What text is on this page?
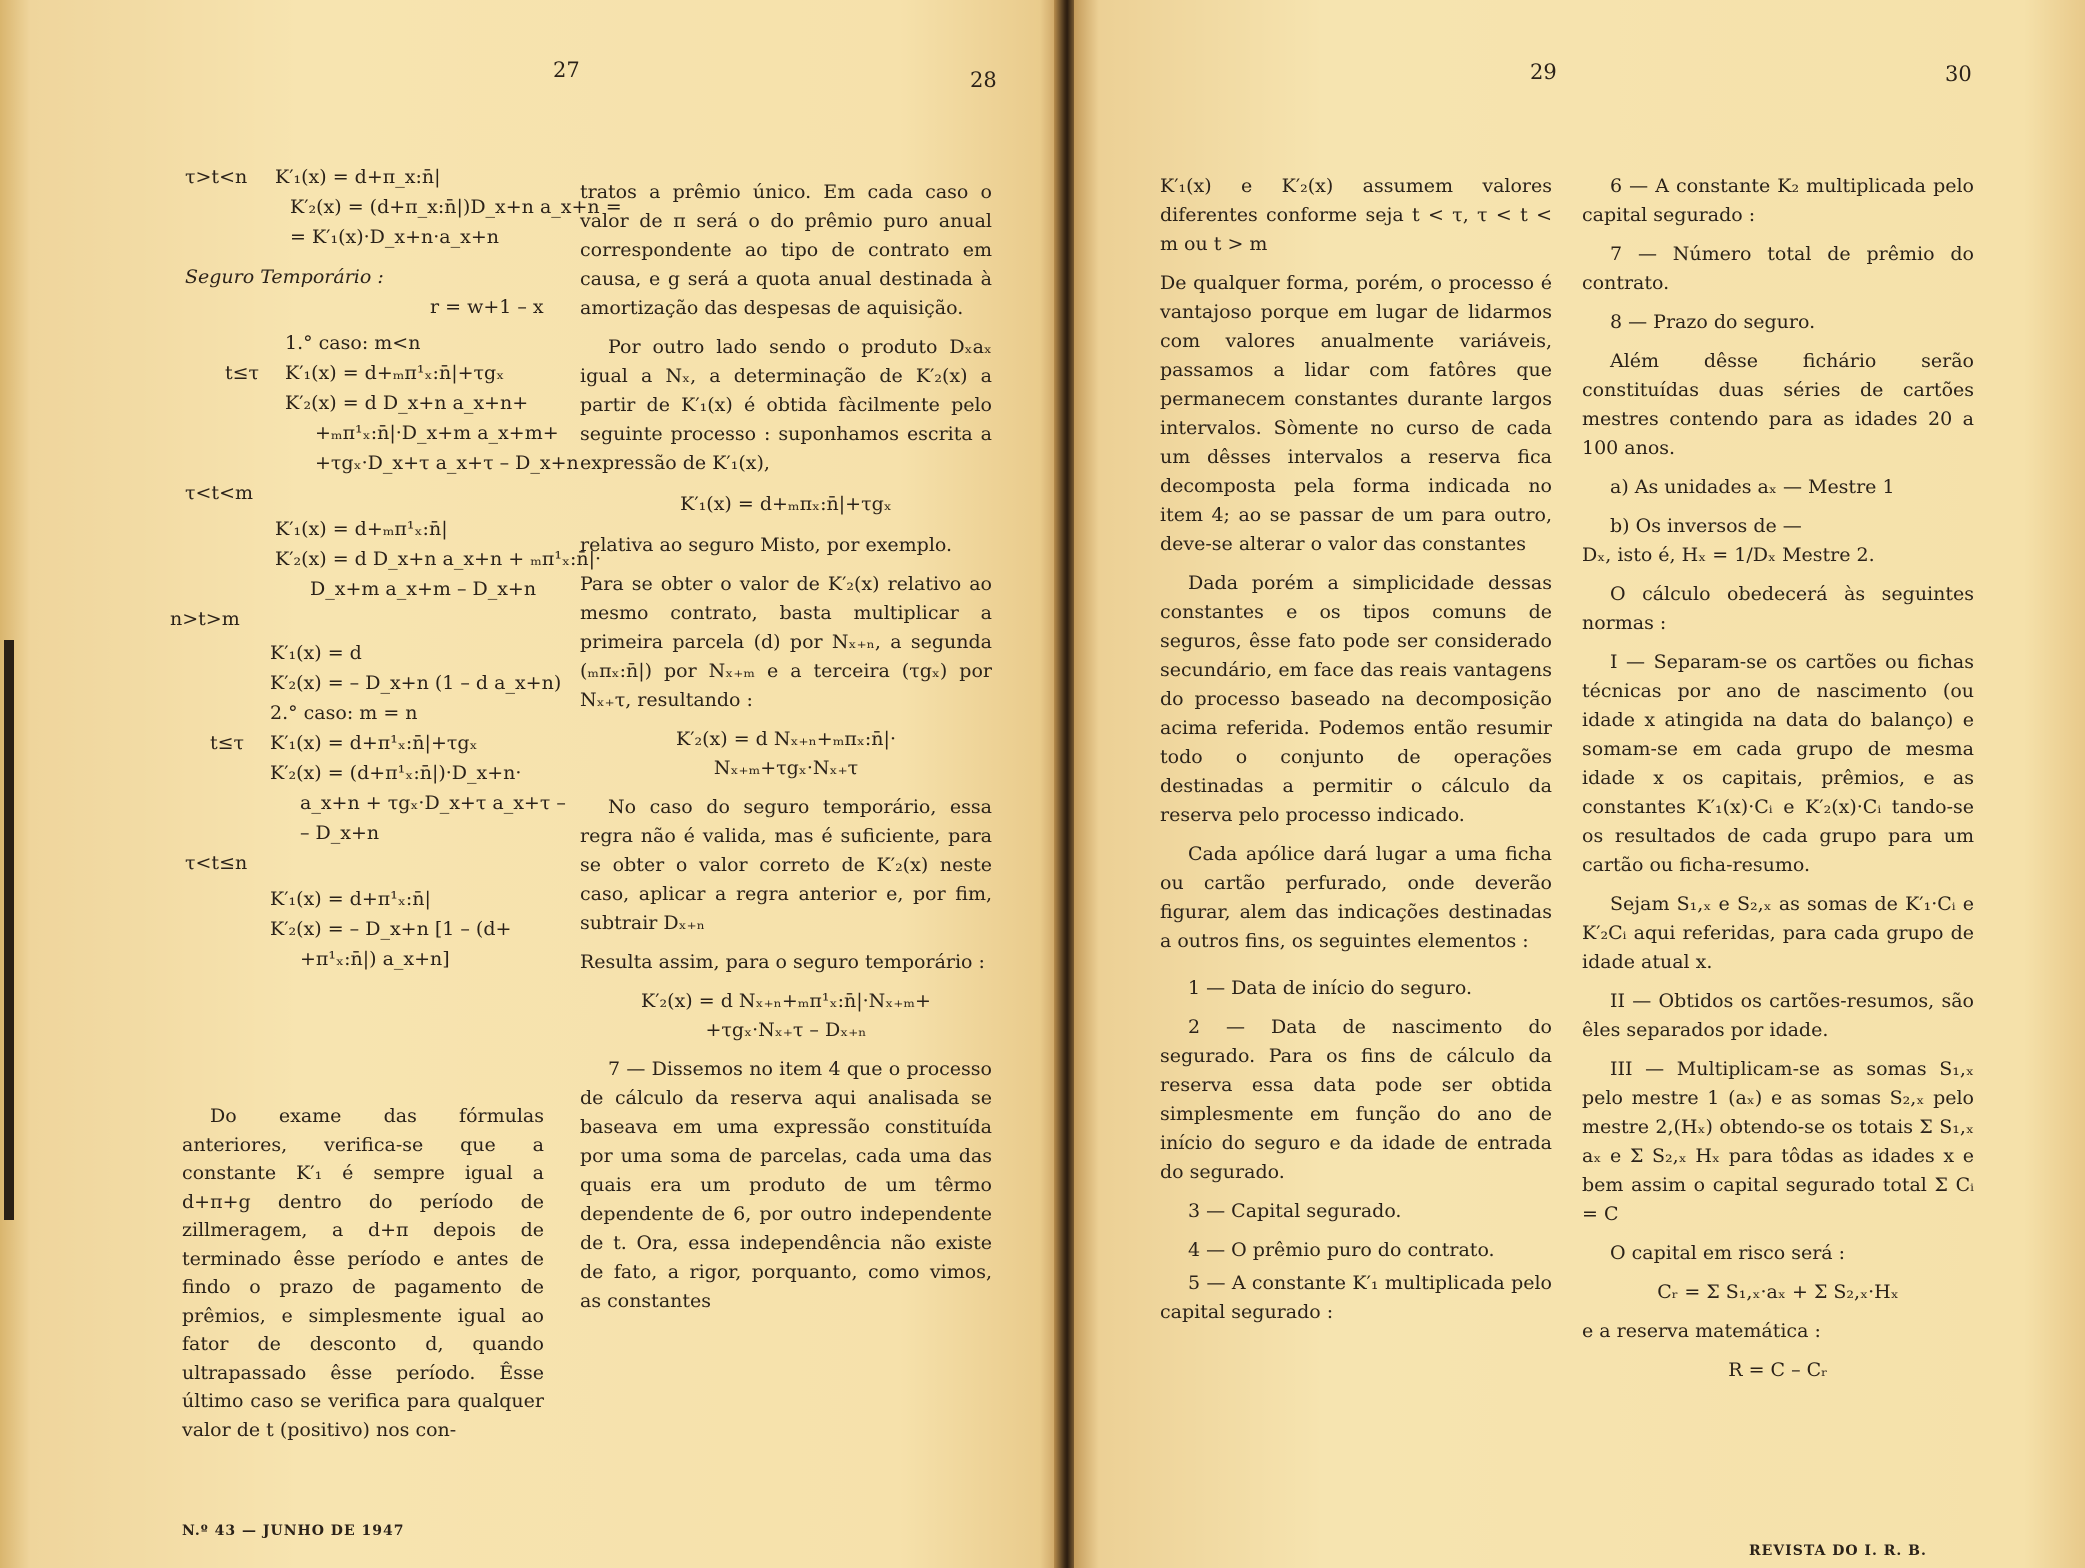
27	28
τ>t<n K′₁(x) = d+π_x:n̄|
K′₂(x) = (d+π_x:n̄|)D_x+n a_x+n =
= K′₁(x)·D_x+n·a_x+n
Seguro Temporário :
r = w+1 – x
1.° caso: m<n
t≤τ K′₁(x) = d+ₘπ¹ₓ:n̄|+τgₓ
K′₂(x) = d D_x+n a_x+n+
+ₘπ¹ₓ:n̄|·D_x+m a_x+m+
+τgₓ·D_x+τ a_x+τ – D_x+n
τ<t<m
K′₁(x) = d+ₘπ¹ₓ:n̄|
K′₂(x) = d D_x+n a_x+n + ₘπ¹ₓ:n̄|·
D_x+m a_x+m – D_x+n
n>t>m
K′₁(x) = d
K′₂(x) = – D_x+n (1 – d a_x+n)
2.° caso: m = n
t≤τ K′₁(x) = d+π¹ₓ:n̄|+τgₓ
K′₂(x) = (d+π¹ₓ:n̄|)·D_x+n·
a_x+n + τgₓ·D_x+τ a_x+τ –
– D_x+n
τ<t≤n
K′₁(x) = d+π¹ₓ:n̄|
K′₂(x) = – D_x+n [1 – (d+
+π¹ₓ:n̄|) a_x+n]

Do exame das fórmulas anteriores, verifica-se que a constante K′₁ é sempre igual a d+π+g dentro do período de zillmeragem, a d+π depois de terminado êsse período e antes de findo o prazo de pagamento de prêmios, e simplesmente igual ao fator de desconto d, quando ultrapassado êsse período. Êsse último caso se verifica para qualquer valor de t (positivo) nos con-

tratos a prêmio único. Em cada caso o valor de π será o do prêmio puro anual correspondente ao tipo de contrato em causa, e g será a quota anual destinada à amortização das despesas de aquisição.

Por outro lado sendo o produto Dₓaₓ igual a Nₓ, a determinação de K′₂(x) a partir de K′₁(x) é obtida fàcilmente pelo seguinte processo : suponhamos escrita a expressão de K′₁(x),

K′₁(x) = d+ₘπₓ:n̄|+τgₓ

relativa ao seguro Misto, por exemplo.

Para se obter o valor de K′₂(x) relativo ao mesmo contrato, basta multiplicar a primeira parcela (d) por Nₓ₊ₙ, a segunda (ₘπₓ:n̄|) por Nₓ₊ₘ e a terceira (τgₓ) por Nₓ₊τ, resultando :

K′₂(x) = d Nₓ₊ₙ+ₘπₓ:n̄|·

Nₓ₊ₘ+τgₓ·Nₓ₊τ

No caso do seguro temporário, essa regra não é valida, mas é suficiente, para se obter o valor correto de K′₂(x) neste caso, aplicar a regra anterior e, por fim, subtrair Dₓ₊ₙ

Resulta assim, para o seguro temporário :

K′₂(x) = d Nₓ₊ₙ+ₘπ¹ₓ:n̄|·Nₓ₊ₘ+

+τgₓ·Nₓ₊τ – Dₓ₊ₙ

7 — Dissemos no item 4 que o processo de cálculo da reserva aqui analisada se baseava em uma expressão constituída por uma soma de parcelas, cada uma das quais era um produto de um têrmo dependente de 6, por outro independente de t. Ora, essa independência não existe de fato, a rigor, porquanto, como vimos, as constantes

N.º 43 — JUNHO DE 1947
29	30

K′₁(x) e K′₂(x) assumem valores diferentes conforme seja t < τ, τ < t < m ou t > m

De qualquer forma, porém, o processo é vantajoso porque em lugar de lidarmos com valores anualmente variáveis, passamos a lidar com fatôres que permanecem constantes durante largos intervalos. Sòmente no curso de cada um dêsses intervalos a reserva fica decomposta pela forma indicada no item 4; ao se passar de um para outro, deve-se alterar o valor das constantes

Dada porém a simplicidade dessas constantes e os tipos comuns de seguros, êsse fato pode ser considerado secundário, em face das reais vantagens do processo baseado na decomposição acima referida. Podemos então resumir todo o conjunto de operações destinadas a permitir o cálculo da reserva pelo processo indicado.

Cada apólice dará lugar a uma ficha ou cartão perfurado, onde deverão figurar, alem das indicações destinadas a outros fins, os seguintes elementos :

1 — Data de início do seguro.

2 — Data de nascimento do segurado. Para os fins de cálculo da reserva essa data pode ser obtida simplesmente em função do ano de início do seguro e da idade de entrada do segurado.

3 — Capital segurado.

4 — O prêmio puro do contrato.

5 — A constante K′₁ multiplicada pelo capital segurado :

6 — A constante K₂ multiplicada pelo capital segurado :

7 — Número total de prêmio do contrato.

8 — Prazo do seguro.

Além dêsse fichário serão constituídas duas séries de cartões mestres contendo para as idades 20 a 100 anos.

a) As unidades aₓ — Mestre 1

b) Os inversos de —

Dₓ, isto é, Hₓ = 1/Dₓ Mestre 2.

O cálculo obedecerá às seguintes normas :

I — Separam-se os cartões ou fichas técnicas por ano de nascimento (ou idade x atingida na data do balanço) e somam-se em cada grupo de mesma idade x os capitais, prêmios, e as constantes K′₁(x)·Cᵢ e K′₂(x)·Cᵢ tando-se os resultados de cada grupo para um cartão ou ficha-resumo.

Sejam S₁,ₓ e S₂,ₓ as somas de K′₁·Cᵢ e K′₂Cᵢ aqui referidas, para cada grupo de idade atual x.

II — Obtidos os cartões-resumos, são êles separados por idade.

III — Multiplicam-se as somas S₁,ₓ pelo mestre 1 (aₓ) e as somas S₂,ₓ pelo mestre 2,(Hₓ) obtendo-se os totais Σ S₁,ₓ aₓ e Σ S₂,ₓ Hₓ para tôdas as idades x e bem assim o capital segurado total Σ Cᵢ = C

O capital em risco será :

Cᵣ = Σ S₁,ₓ·aₓ + Σ S₂,ₓ·Hₓ

e a reserva matemática :

R = C – Cᵣ

REVISTA DO I. R. B.
